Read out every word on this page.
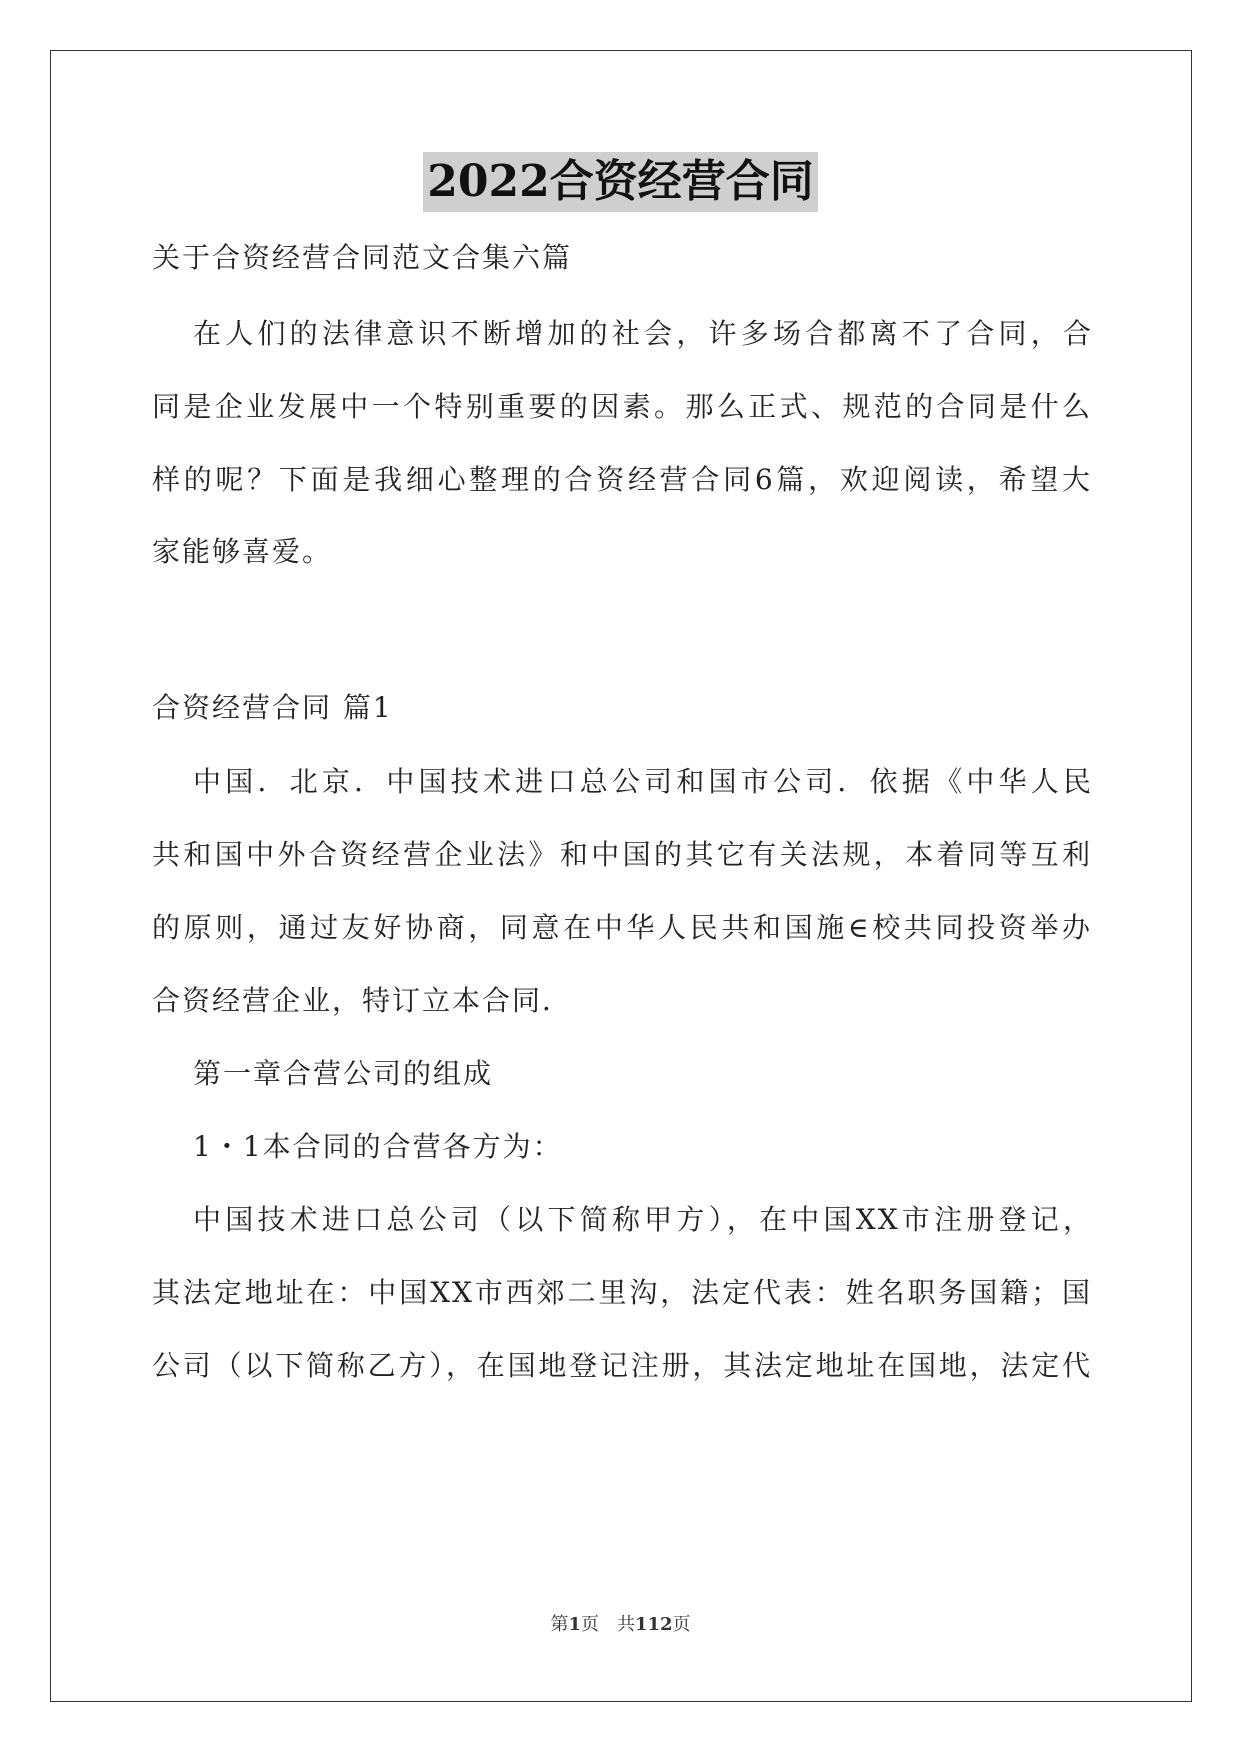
2022合资经营合同
关于合资经营合同范文合集六篇
在人们的法律意识不断增加的社会，许多场合都离不了合同，合
同是企业发展中一个特别重要的因素。那么正式、规范的合同是什么
样的呢？下面是我细心整理的合资经营合同6篇，欢迎阅读，希望大
家能够喜爱。
合资经营合同 篇1
中国．北京．中国技术进口总公司和国市公司．依据《中华人民
共和国中外合资经营企业法》和中国的其它有关法规，本着同等互利
的原则，通过友好协商，同意在中华人民共和国施∈校共同投资举办
合资经营企业，特订立本合同．
第一章合营公司的组成
1・1本合同的合营各方为：
中国技术进口总公司（以下简称甲方），在中国XX市注册登记，
其法定地址在：中国XX市西郊二里沟，法定代表：姓名职务国籍；国
公司（以下简称乙方），在国地登记注册，其法定地址在国地，法定代
第1页　共112页
